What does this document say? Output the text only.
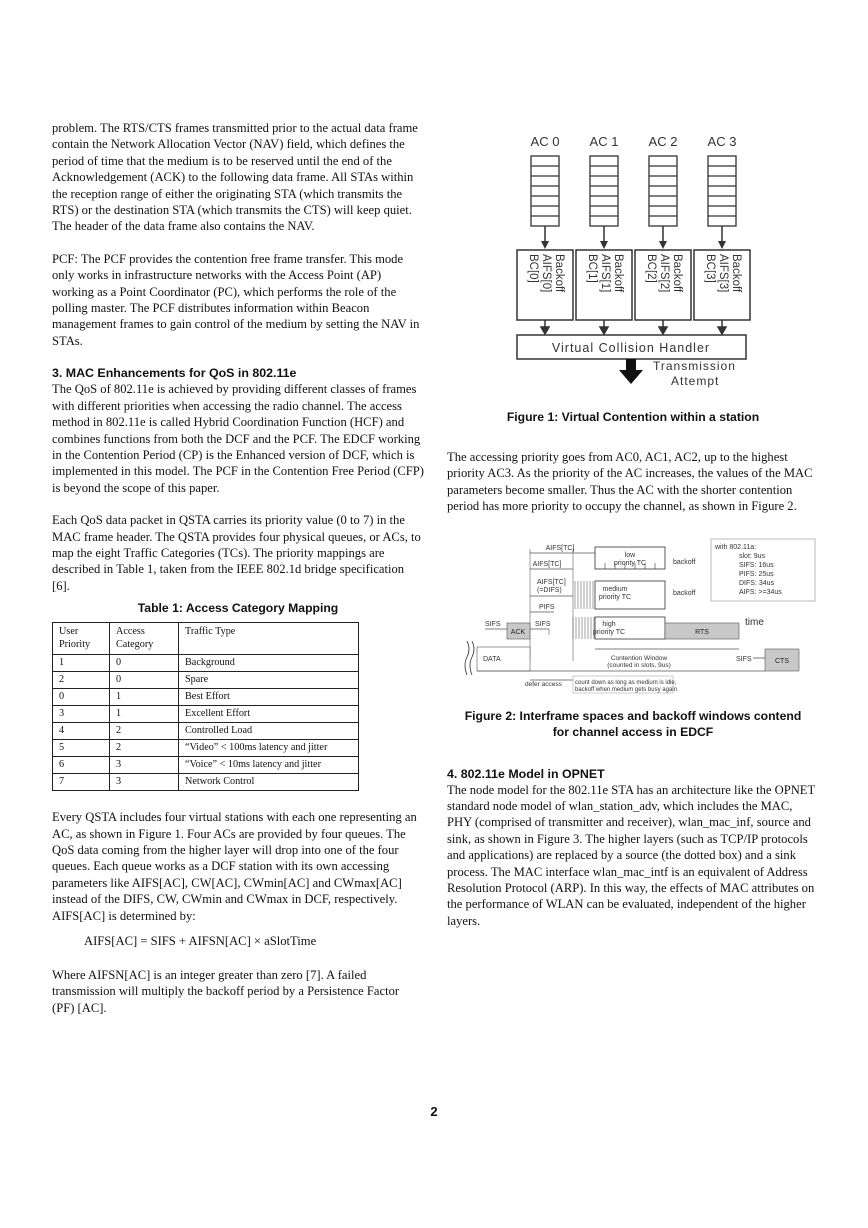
problem. The RTS/CTS frames transmitted prior to the actual data frame contain the Network Allocation Vector (NAV) field, which defines the period of time that the medium is to be reserved until the end of the Acknowledgement (ACK) to the following data frame. All STAs within the reception range of either the originating STA (which transmits the RTS) or the destination STA (which transmits the CTS) will keep quiet. The header of the data frame also contains the NAV.

PCF: The PCF provides the contention free frame transfer. This mode only works in infrastructure networks with the Access Point (AP) working as a Point Coordinator (PC), which performs the role of the polling master. The PCF distributes information within Beacon management frames to gain control of the medium by setting the NAV in STAs.

3. MAC Enhancements for QoS in 802.11e

The QoS of 802.11e is achieved by providing different classes of frames with different priorities when accessing the radio channel. The access method in 802.11e is called Hybrid Coordination Function (HCF) and combines functions from both the DCF and the PCF. The EDCF working in the Contention Period (CP) is the Enhanced version of DCF, which is implemented in this model. The PCF in the Contention Free Period (CFP) is beyond the scope of this paper.

Each QoS data packet in QSTA carries its priority value (0 to 7) in the MAC frame header. The QSTA provides four physical queues, or ACs, to map the eight Traffic Categories (TCs). The priority mappings are described in Table 1, taken from the IEEE 802.1d bridge specification [6].

Table 1: Access Category Mapping

User Priority	Access Category	Traffic Type
1	0	Background
2	0	Spare
0	1	Best Effort
3	1	Excellent Effort
4	2	Controlled Load
5	2	“Video” < 100ms latency and jitter
6	3	“Voice” < 10ms latency and jitter
7	3	Network Control

Every QSTA includes four virtual stations with each one representing an AC, as shown in Figure 1. Four ACs are provided by four queues. The QoS data coming from the higher layer will drop into one of the four queues. Each queue works as a DCF station with its own accessing parameters like AIFS[AC], CW[AC], CWmin[AC] and CWmax[AC] instead of the DIFS, CW, CWmin and CWmax in DCF, respectively. AIFS[AC] is determined by:

AIFS[AC] = SIFS + AIFSN[AC] × aSlotTime

Where AIFSN[AC] is an integer greater than zero [7]. A failed transmission will multiply the backoff period by a Persistence Factor (PF) [AC].

AC 0 AC 1 AC 2 AC 3
Backoff
AIFS[0]
BC[0]	Backoff
AIFS[1]
BC[1]	Backoff
AIFS[2]
BC[2]	Backoff
AIFS[3]
BC[3]
Virtual Collision Handler
Transmission
Attempt

Figure 1: Virtual Contention within a station

The accessing priority goes from AC0, AC1, AC2, up to the highest priority AC3. As the priority of the AC increases, the values of the MAC parameters become smaller. Thus the AC with the shorter contention period has more priority to occupy the channel, as shown in Figure 2.

with 802.11a:
slot: 9us
SIFS: 16us
PIFS: 25us
DIFS: 34us
AIFS: >=34us
AIFS[TC]
AIFS[TC]
AIFS[TC]
(=DIFS)
PIFS
SIFS	SIFS
SIFS
low
priority TC	backoff
medium
priority TC
backoff
high
priority TC
time
ACK	RTS
CTS
DATA	Contention Window
(counted in slots, 9us)
defer access count down as long as medium is idle,
backoff when medium gets busy again

Figure 2: Interframe spaces and backoff windows contend

for channel access in EDCF

4. 802.11e Model in OPNET

The node model for the 802.11e STA has an architecture like the OPNET standard node model of wlan_station_adv, which includes the MAC, PHY (comprised of transmitter and receiver), wlan_mac_inf, source and sink, as shown in Figure 3. The higher layers (such as TCP/IP protocols and applications) are replaced by a source (the dotted box) and a sink process. The MAC interface wlan_mac_intf is an equivalent of Address Resolution Protocol (ARP). In this way, the effects of MAC attributes on the performance of WLAN can be evaluated, independent of the higher layers.

2
